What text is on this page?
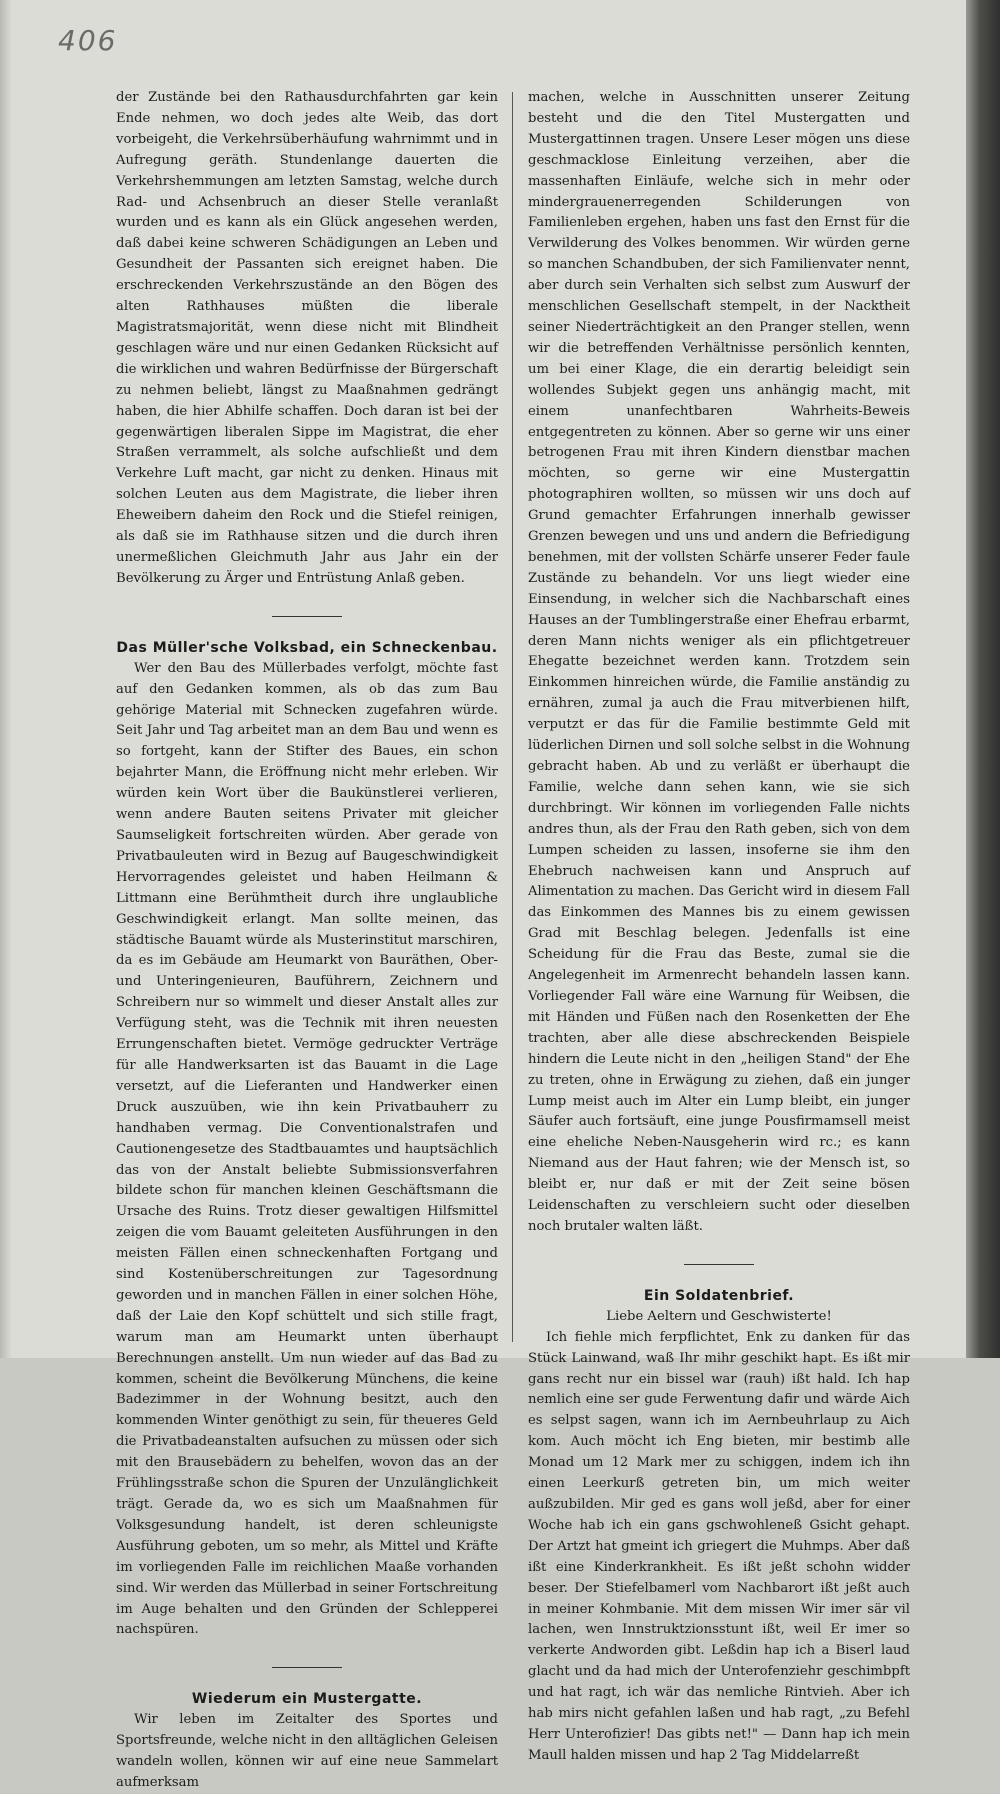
406

der Zustände bei den Rathausdurchfahrten gar kein Ende nehmen, wo doch jedes alte Weib, das dort vorbeigeht, die Verkehrsüberhäufung wahrnimmt und in Aufregung geräth. Stundenlange dauerten die Verkehrshemmungen am letzten Samstag, welche durch Rad- und Achsenbruch an dieser Stelle veranlaßt wurden und es kann als ein Glück angesehen werden, daß dabei keine schweren Schädigungen an Leben und Gesundheit der Passanten sich ereignet haben. Die erschreckenden Verkehrszustände an den Bögen des alten Rathhauses müßten die liberale Magistratsmajorität, wenn diese nicht mit Blindheit geschlagen wäre und nur einen Gedanken Rücksicht auf die wirklichen und wahren Bedürfnisse der Bürgerschaft zu nehmen beliebt, längst zu Maaßnahmen gedrängt haben, die hier Abhilfe schaffen. Doch daran ist bei der gegenwärtigen liberalen Sippe im Magistrat, die eher Straßen verrammelt, als solche aufschließt und dem Verkehre Luft macht, gar nicht zu denken. Hinaus mit solchen Leuten aus dem Magistrate, die lieber ihren Eheweibern daheim den Rock und die Stiefel reinigen, als daß sie im Rathhause sitzen und die durch ihren unermeßlichen Gleichmuth Jahr aus Jahr ein der Bevölkerung zu Ärger und Entrüstung Anlaß geben.

Das Müller'sche Volksbad, ein Schneckenbau.

Wer den Bau des Müllerbades verfolgt, möchte fast auf den Gedanken kommen, als ob das zum Bau gehörige Material mit Schnecken zugefahren würde. Seit Jahr und Tag arbeitet man an dem Bau und wenn es so fortgeht, kann der Stifter des Baues, ein schon bejahrter Mann, die Eröffnung nicht mehr erleben. Wir würden kein Wort über die Baukünstlerei verlieren, wenn andere Bauten seitens Privater mit gleicher Saumseligkeit fortschreiten würden. Aber gerade von Privatbauleuten wird in Bezug auf Baugeschwindigkeit Hervorragendes geleistet und haben Heilmann & Littmann eine Berühmtheit durch ihre unglaubliche Geschwindigkeit erlangt. Man sollte meinen, das städtische Bauamt würde als Musterinstitut marschiren, da es im Gebäude am Heumarkt von Bauräthen, Ober- und Unteringenieuren, Bauführern, Zeichnern und Schreibern nur so wimmelt und dieser Anstalt alles zur Verfügung steht, was die Technik mit ihren neuesten Errungenschaften bietet. Vermöge gedruckter Verträge für alle Handwerksarten ist das Bauamt in die Lage versetzt, auf die Lieferanten und Handwerker einen Druck auszuüben, wie ihn kein Privatbauherr zu handhaben vermag. Die Conventionalstrafen und Cautionengesetze des Stadtbauamtes und hauptsächlich das von der Anstalt beliebte Submissionsverfahren bildete schon für manchen kleinen Geschäftsmann die Ursache des Ruins. Trotz dieser gewaltigen Hilfsmittel zeigen die vom Bauamt geleiteten Ausführungen in den meisten Fällen einen schneckenhaften Fortgang und sind Kostenüberschreitungen zur Tagesordnung geworden und in manchen Fällen in einer solchen Höhe, daß der Laie den Kopf schüttelt und sich stille fragt, warum man am Heumarkt unten überhaupt Berechnungen anstellt. Um nun wieder auf das Bad zu kommen, scheint die Bevölkerung Münchens, die keine Badezimmer in der Wohnung besitzt, auch den kommenden Winter genöthigt zu sein, für theueres Geld die Privatbadeanstalten aufsuchen zu müssen oder sich mit den Brausebädern zu behelfen, wovon das an der Frühlingsstraße schon die Spuren der Unzulänglichkeit trägt. Gerade da, wo es sich um Maaßnahmen für Volksgesundung handelt, ist deren schleunigste Ausführung geboten, um so mehr, als Mittel und Kräfte im vorliegenden Falle im reichlichen Maaße vorhanden sind. Wir werden das Müllerbad in seiner Fortschreitung im Auge behalten und den Gründen der Schlepperei nachspüren.

Wiederum ein Mustergatte.

Wir leben im Zeitalter des Sportes und Sportsfreunde, welche nicht in den alltäglichen Geleisen wandeln wollen, können wir auf eine neue Sammelart aufmerksam

machen, welche in Ausschnitten unserer Zeitung besteht und die den Titel Mustergatten und Mustergattinnen tragen. Unsere Leser mögen uns diese geschmacklose Einleitung verzeihen, aber die massenhaften Einläufe, welche sich in mehr oder mindergrauenerregenden Schilderungen von Familienleben ergehen, haben uns fast den Ernst für die Verwilderung des Volkes benommen. Wir würden gerne so manchen Schandbuben, der sich Familienvater nennt, aber durch sein Verhalten sich selbst zum Auswurf der menschlichen Gesellschaft stempelt, in der Nacktheit seiner Niederträchtigkeit an den Pranger stellen, wenn wir die betreffenden Verhältnisse persönlich kennten, um bei einer Klage, die ein derartig beleidigt sein wollendes Subjekt gegen uns anhängig macht, mit einem unanfechtbaren Wahrheits-Beweis entgegentreten zu können. Aber so gerne wir uns einer betrogenen Frau mit ihren Kindern dienstbar machen möchten, so gerne wir eine Mustergattin photographiren wollten, so müssen wir uns doch auf Grund gemachter Erfahrungen innerhalb gewisser Grenzen bewegen und uns und andern die Befriedigung benehmen, mit der vollsten Schärfe unserer Feder faule Zustände zu behandeln. Vor uns liegt wieder eine Einsendung, in welcher sich die Nachbarschaft eines Hauses an der Tumblingerstraße einer Ehefrau erbarmt, deren Mann nichts weniger als ein pflichtgetreuer Ehegatte bezeichnet werden kann. Trotzdem sein Einkommen hinreichen würde, die Familie anständig zu ernähren, zumal ja auch die Frau mitverbienen hilft, verputzt er das für die Familie bestimmte Geld mit lüderlichen Dirnen und soll solche selbst in die Wohnung gebracht haben. Ab und zu verläßt er überhaupt die Familie, welche dann sehen kann, wie sie sich durchbringt. Wir können im vorliegenden Falle nichts andres thun, als der Frau den Rath geben, sich von dem Lumpen scheiden zu lassen, insoferne sie ihm den Ehebruch nachweisen kann und Anspruch auf Alimentation zu machen. Das Gericht wird in diesem Fall das Einkommen des Mannes bis zu einem gewissen Grad mit Beschlag belegen. Jedenfalls ist eine Scheidung für die Frau das Beste, zumal sie die Angelegenheit im Armenrecht behandeln lassen kann. Vorliegender Fall wäre eine Warnung für Weibsen, die mit Händen und Füßen nach den Rosenketten der Ehe trachten, aber alle diese abschreckenden Beispiele hindern die Leute nicht in den „heiligen Stand" der Ehe zu treten, ohne in Erwägung zu ziehen, daß ein junger Lump meist auch im Alter ein Lump bleibt, ein junger Säufer auch fortsäuft, eine junge Pousfirmamsell meist eine eheliche Neben-Nausgeherin wird rc.; es kann Niemand aus der Haut fahren; wie der Mensch ist, so bleibt er, nur daß er mit der Zeit seine bösen Leidenschaften zu verschleiern sucht oder dieselben noch brutaler walten läßt.

Ein Soldatenbrief.

Liebe Aeltern und Geschwisterte!

Ich fiehle mich ferpflichtet, Enk zu danken für das Stück Lainwand, waß Ihr mihr geschikt hapt. Es ißt mir gans recht nur ein bissel war (rauh) ißt hald. Ich hap nemlich eine ser gude Ferwentung dafir und wärde Aich es selpst sagen, wann ich im Aernbeuhrlaup zu Aich kom. Auch möcht ich Eng bieten, mir bestimb alle Monad um 12 Mark mer zu schiggen, indem ich ihn einen Leerkurß getreten bin, um mich weiter außzubilden. Mir ged es gans woll jeßd, aber for einer Woche hab ich ein gans gschwohleneß Gsicht gehapt. Der Artzt hat gmeint ich griegert die Muhmps. Aber daß ißt eine Kinderkrankheit. Es ißt jeßt schohn widder beser. Der Stiefelbamerl vom Nachbarort ißt jeßt auch in meiner Kohmbanie. Mit dem missen Wir imer sär vil lachen, wen Innstruktzionsstunt ißt, weil Er imer so verkerte Andworden gibt. Leßdin hap ich a Biserl laud glacht und da had mich der Unterofenziehr geschimbpft und hat ragt, ich wär das nemliche Rintvieh. Aber ich hab mirs nicht gefahlen laßen und hab ragt, „zu Befehl Herr Unterofizier! Das gibts net!" — Dann hap ich mein Maull halden missen und hap 2 Tag Middelarreßt
